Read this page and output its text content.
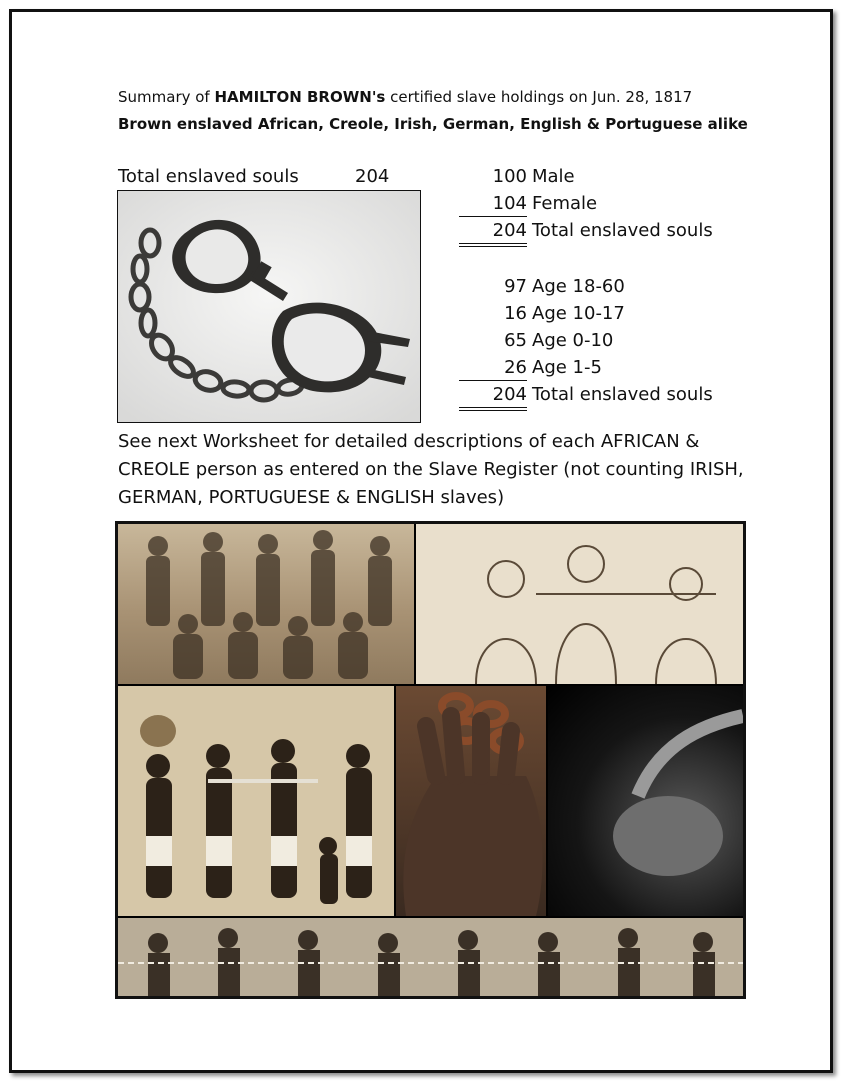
Summary of HAMILTON BROWN's certified slave holdings on Jun. 28, 1817
Brown enslaved African, Creole, Irish, German, English & Portuguese alike
Total enslaved souls	204	100 Male
104 Female
204 Total enslaved souls
97 Age 18-60
16 Age 10-17
65 Age 0-10
26 Age 1-5
204 Total enslaved souls
See next Worksheet for detailed descriptions of each AFRICAN & CREOLE person as entered on the Slave Register (not counting IRISH, GERMAN, PORTUGUESE & ENGLISH slaves)
